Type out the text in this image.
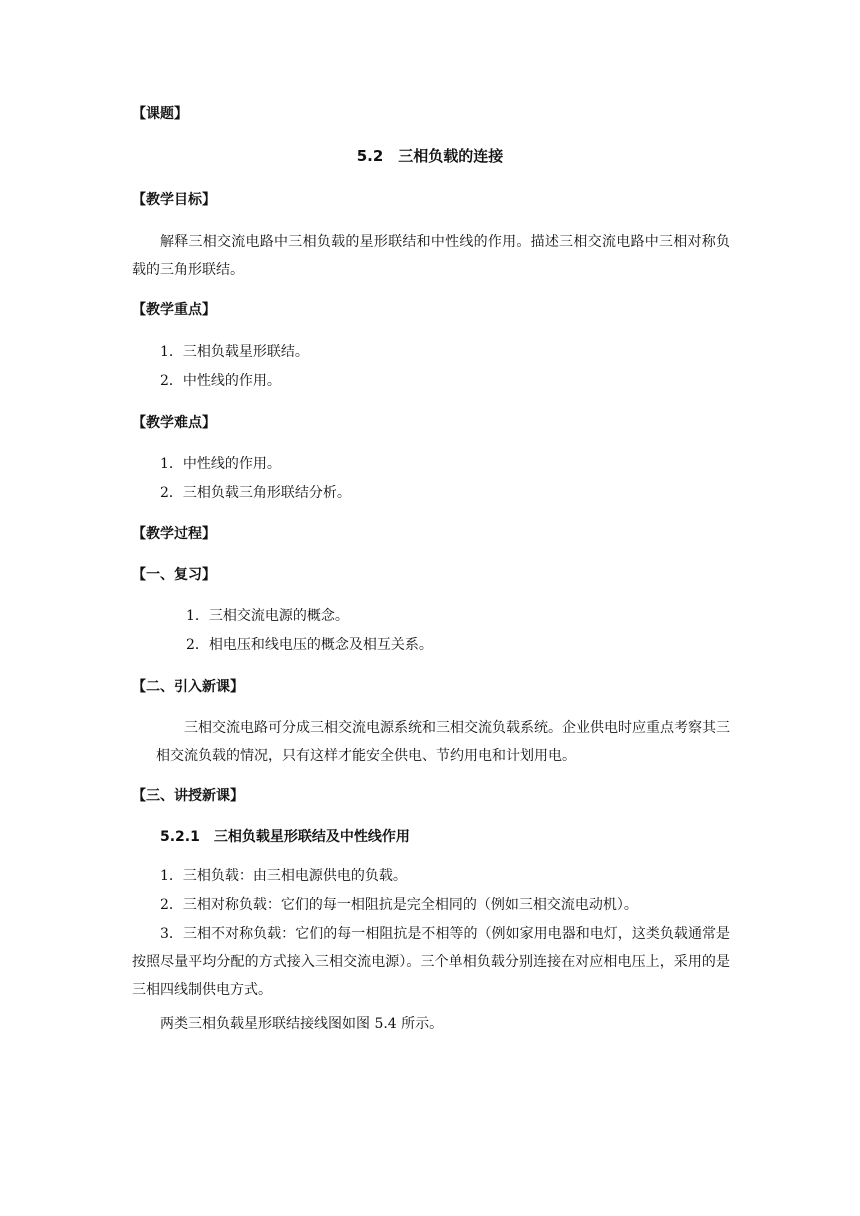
【课题】
5.2　三相负载的连接
【教学目标】
解释三相交流电路中三相负载的星形联结和中性线的作用。描述三相交流电路中三相对称负载的三角形联结。
【教学重点】
1．三相负载星形联结。
2．中性线的作用。
【教学难点】
1．中性线的作用。
2．三相负载三角形联结分析。
【教学过程】
【一、复习】
1．三相交流电源的概念。
2．相电压和线电压的概念及相互关系。
【二、引入新课】
三相交流电路可分成三相交流电源系统和三相交流负载系统。企业供电时应重点考察其三相交流负载的情况，只有这样才能安全供电、节约用电和计划用电。
【三、讲授新课】
5.2.1　三相负载星形联结及中性线作用
1．三相负载：由三相电源供电的负载。
2．三相对称负载：它们的每一相阻抗是完全相同的（例如三相交流电动机）。
3．三相不对称负载：它们的每一相阻抗是不相等的（例如家用电器和电灯，这类负载通常是按照尽量平均分配的方式接入三相交流电源）。三个单相负载分别连接在对应相电压上，采用的是三相四线制供电方式。
两类三相负载星形联结接线图如图 5.4 所示。
